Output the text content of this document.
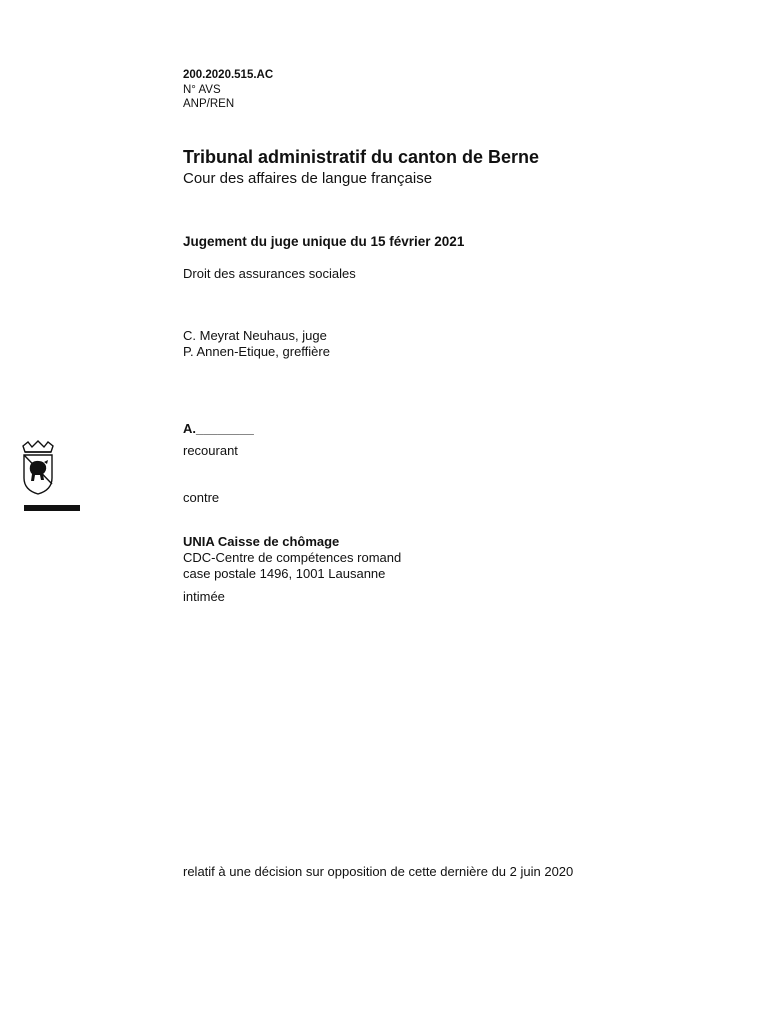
200.2020.515.AC
N° AVS
ANP/REN
Tribunal administratif du canton de Berne
Cour des affaires de langue française
Jugement du juge unique du 15 février 2021
Droit des assurances sociales
C. Meyrat Neuhaus, juge
P. Annen-Etique, greffière
A.________
recourant
contre
UNIA Caisse de chômage
CDC-Centre de compétences romand
case postale 1496, 1001 Lausanne
intimée
relatif à une décision sur opposition de cette dernière du 2 juin 2020
